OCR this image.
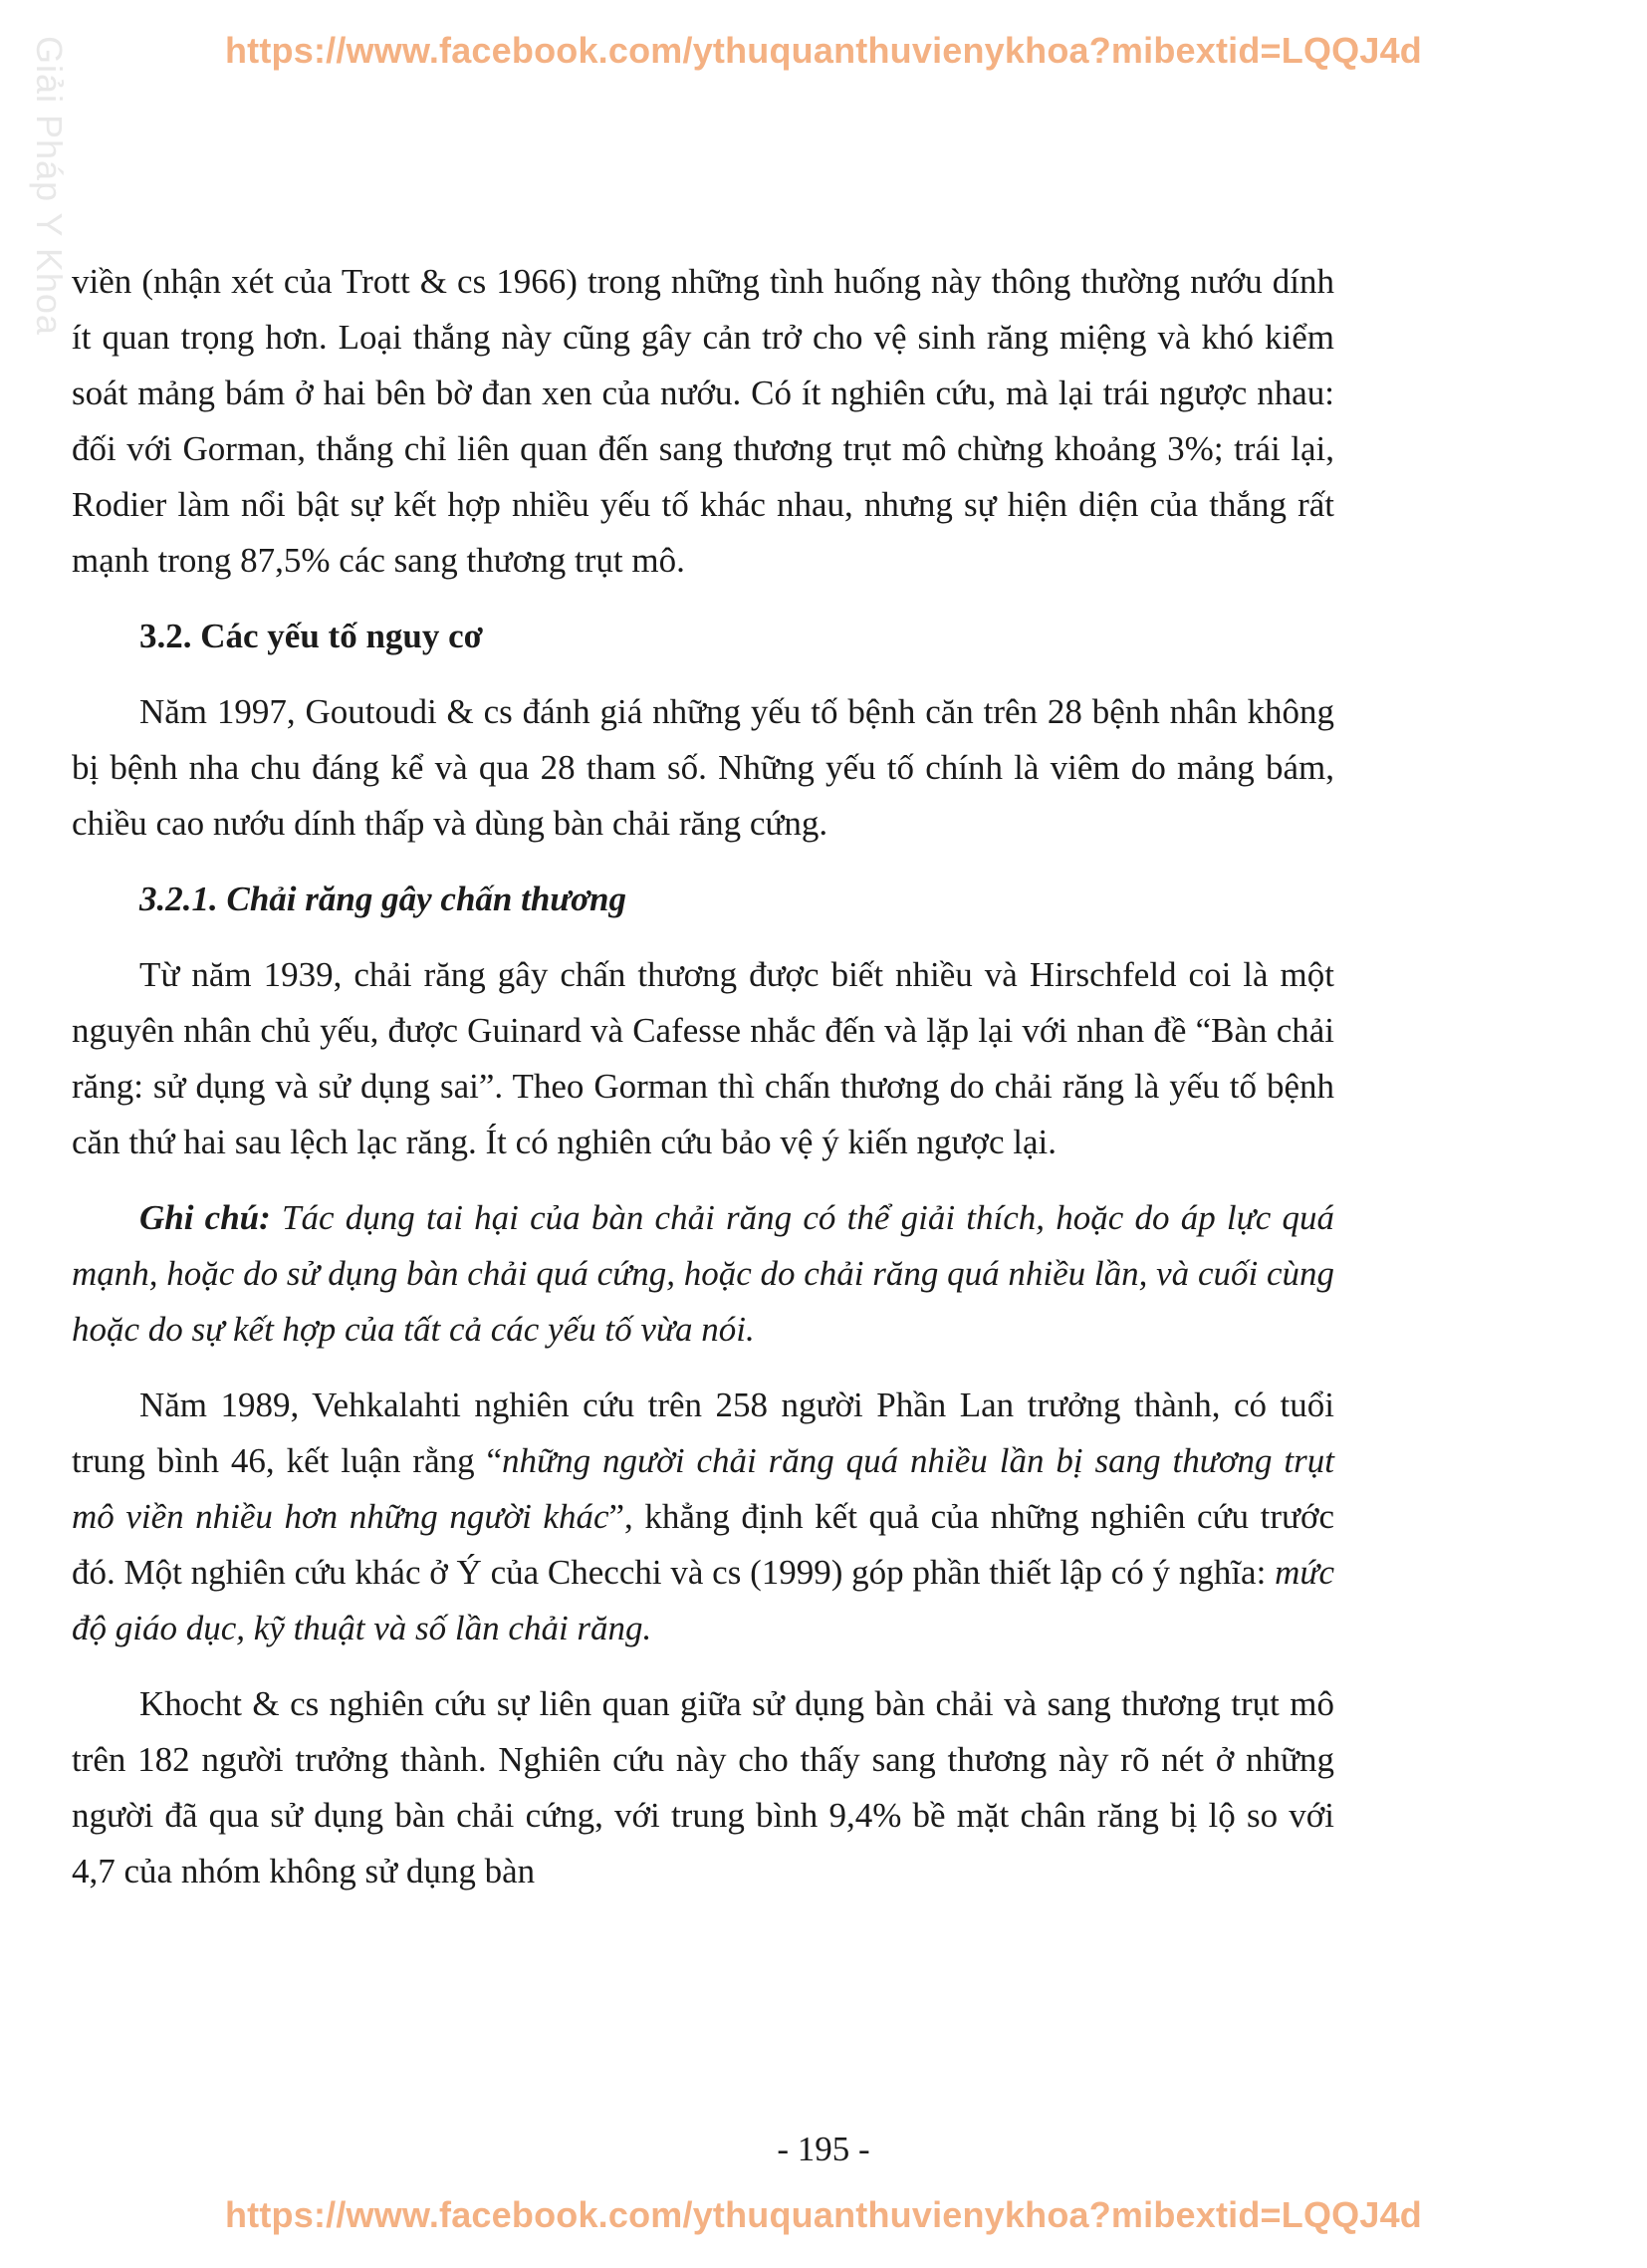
https://www.facebook.com/ythuquanthuvienykhoa?mibextid=LQQJ4d
Giải Pháp Y Khoa viền (nhận xét của Trott & cs 1966) trong những tình huống này thông thường nướu dính ít quan trọng hơn. Loại thắng này cũng gây cản trở cho vệ sinh răng miệng và khó kiểm soát mảng bám ở hai bên bờ đan xen của nướu. Có ít nghiên cứu, mà lại trái ngược nhau: đối với Gorman, thắng chỉ liên quan đến sang thương trụt mô chừng khoảng 3%; trái lại, Rodier làm nổi bật sự kết hợp nhiều yếu tố khác nhau, nhưng sự hiện diện của thắng rất mạnh trong 87,5% các sang thương trụt mô.

3.2. Các yếu tố nguy cơ

Năm 1997, Goutoudi & cs đánh giá những yếu tố bệnh căn trên 28 bệnh nhân không bị bệnh nha chu đáng kể và qua 28 tham số. Những yếu tố chính là viêm do mảng bám, chiều cao nướu dính thấp và dùng bàn chải răng cứng.

3.2.1. Chải răng gây chấn thương

Từ năm 1939, chải răng gây chấn thương được biết nhiều và Hirschfeld coi là một nguyên nhân chủ yếu, được Guinard và Cafesse nhắc đến và lặp lại với nhan đề “Bàn chải răng: sử dụng và sử dụng sai”. Theo Gorman thì chấn thương do chải răng là yếu tố bệnh căn thứ hai sau lệch lạc răng. Ít có nghiên cứu bảo vệ ý kiến ngược lại.

Ghi chú: Tác dụng tai hại của bàn chải răng có thể giải thích, hoặc do áp lực quá mạnh, hoặc do sử dụng bàn chải quá cứng, hoặc do chải răng quá nhiều lần, và cuối cùng hoặc do sự kết hợp của tất cả các yếu tố vừa nói.

Năm 1989, Vehkalahti nghiên cứu trên 258 người Phần Lan trưởng thành, có tuổi trung bình 46, kết luận rằng “những người chải răng quá nhiều lần bị sang thương trụt mô viền nhiều hơn những người khác”, khẳng định kết quả của những nghiên cứu trước đó. Một nghiên cứu khác ở Ý của Checchi và cs (1999) góp phần thiết lập có ý nghĩa: mức độ giáo dục, kỹ thuật và số lần chải răng.

Khocht & cs nghiên cứu sự liên quan giữa sử dụng bàn chải và sang thương trụt mô trên 182 người trưởng thành. Nghiên cứu này cho thấy sang thương này rõ nét ở những người đã qua sử dụng bàn chải cứng, với trung bình 9,4% bề mặt chân răng bị lộ so với 4,7 của nhóm không sử dụng bàn

- 195 -
https://www.facebook.com/ythuquanthuvienykhoa?mibextid=LQQJ4d
